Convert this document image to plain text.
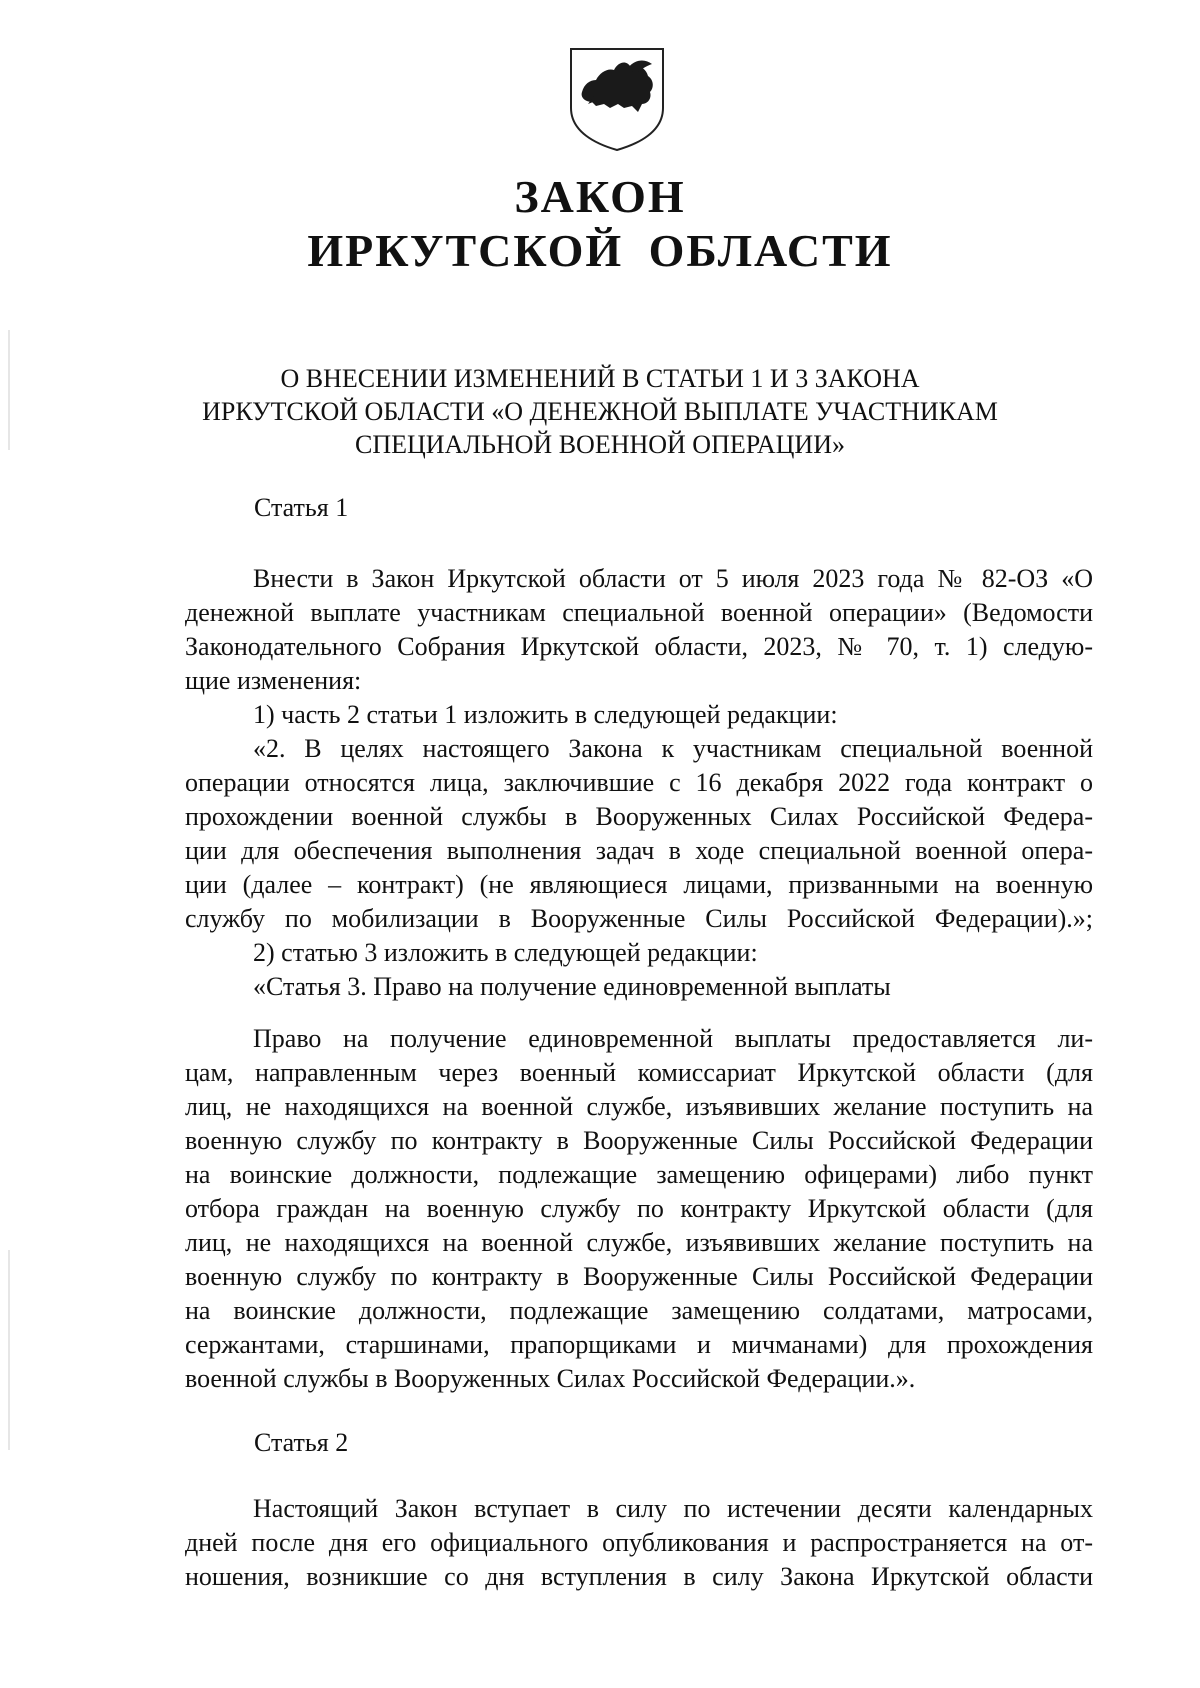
ЗАКОН
ИРКУТСКОЙ ОБЛАСТИ
О ВНЕСЕНИИ ИЗМЕНЕНИЙ В СТАТЬИ 1 И 3 ЗАКОНА
ИРКУТСКОЙ ОБЛАСТИ «О ДЕНЕЖНОЙ ВЫПЛАТЕ УЧАСТНИКАМ
СПЕЦИАЛЬНОЙ ВОЕННОЙ ОПЕРАЦИИ»
Статья 1
Внести в Закон Иркутской области от 5 июля 2023 года № 82-ОЗ «О
денежной выплате участникам специальной военной операции» (Ведомости
Законодательного Собрания Иркутской области, 2023, № 70, т. 1) следую-
щие изменения:
1) часть 2 статьи 1 изложить в следующей редакции:
«2. В целях настоящего Закона к участникам специальной военной
операции относятся лица, заключившие с 16 декабря 2022 года контракт о
прохождении военной службы в Вооруженных Силах Российской Федера-
ции для обеспечения выполнения задач в ходе специальной военной опера-
ции (далее – контракт) (не являющиеся лицами, призванными на военную
службу по мобилизации в Вооруженные Силы Российской Федерации).»;
2) статью 3 изложить в следующей редакции:
«Статья 3. Право на получение единовременной выплаты
Право на получение единовременной выплаты предоставляется ли-
цам, направленным через военный комиссариат Иркутской области (для
лиц, не находящихся на военной службе, изъявивших желание поступить на
военную службу по контракту в Вооруженные Силы Российской Федерации
на воинские должности, подлежащие замещению офицерами) либо пункт
отбора граждан на военную службу по контракту Иркутской области (для
лиц, не находящихся на военной службе, изъявивших желание поступить на
военную службу по контракту в Вооруженные Силы Российской Федерации
на воинские должности, подлежащие замещению солдатами, матросами,
сержантами, старшинами, прапорщиками и мичманами) для прохождения
военной службы в Вооруженных Силах Российской Федерации.».
Статья 2
Настоящий Закон вступает в силу по истечении десяти календарных
дней после дня его официального опубликования и распространяется на от-
ношения, возникшие со дня вступления в силу Закона Иркутской области
